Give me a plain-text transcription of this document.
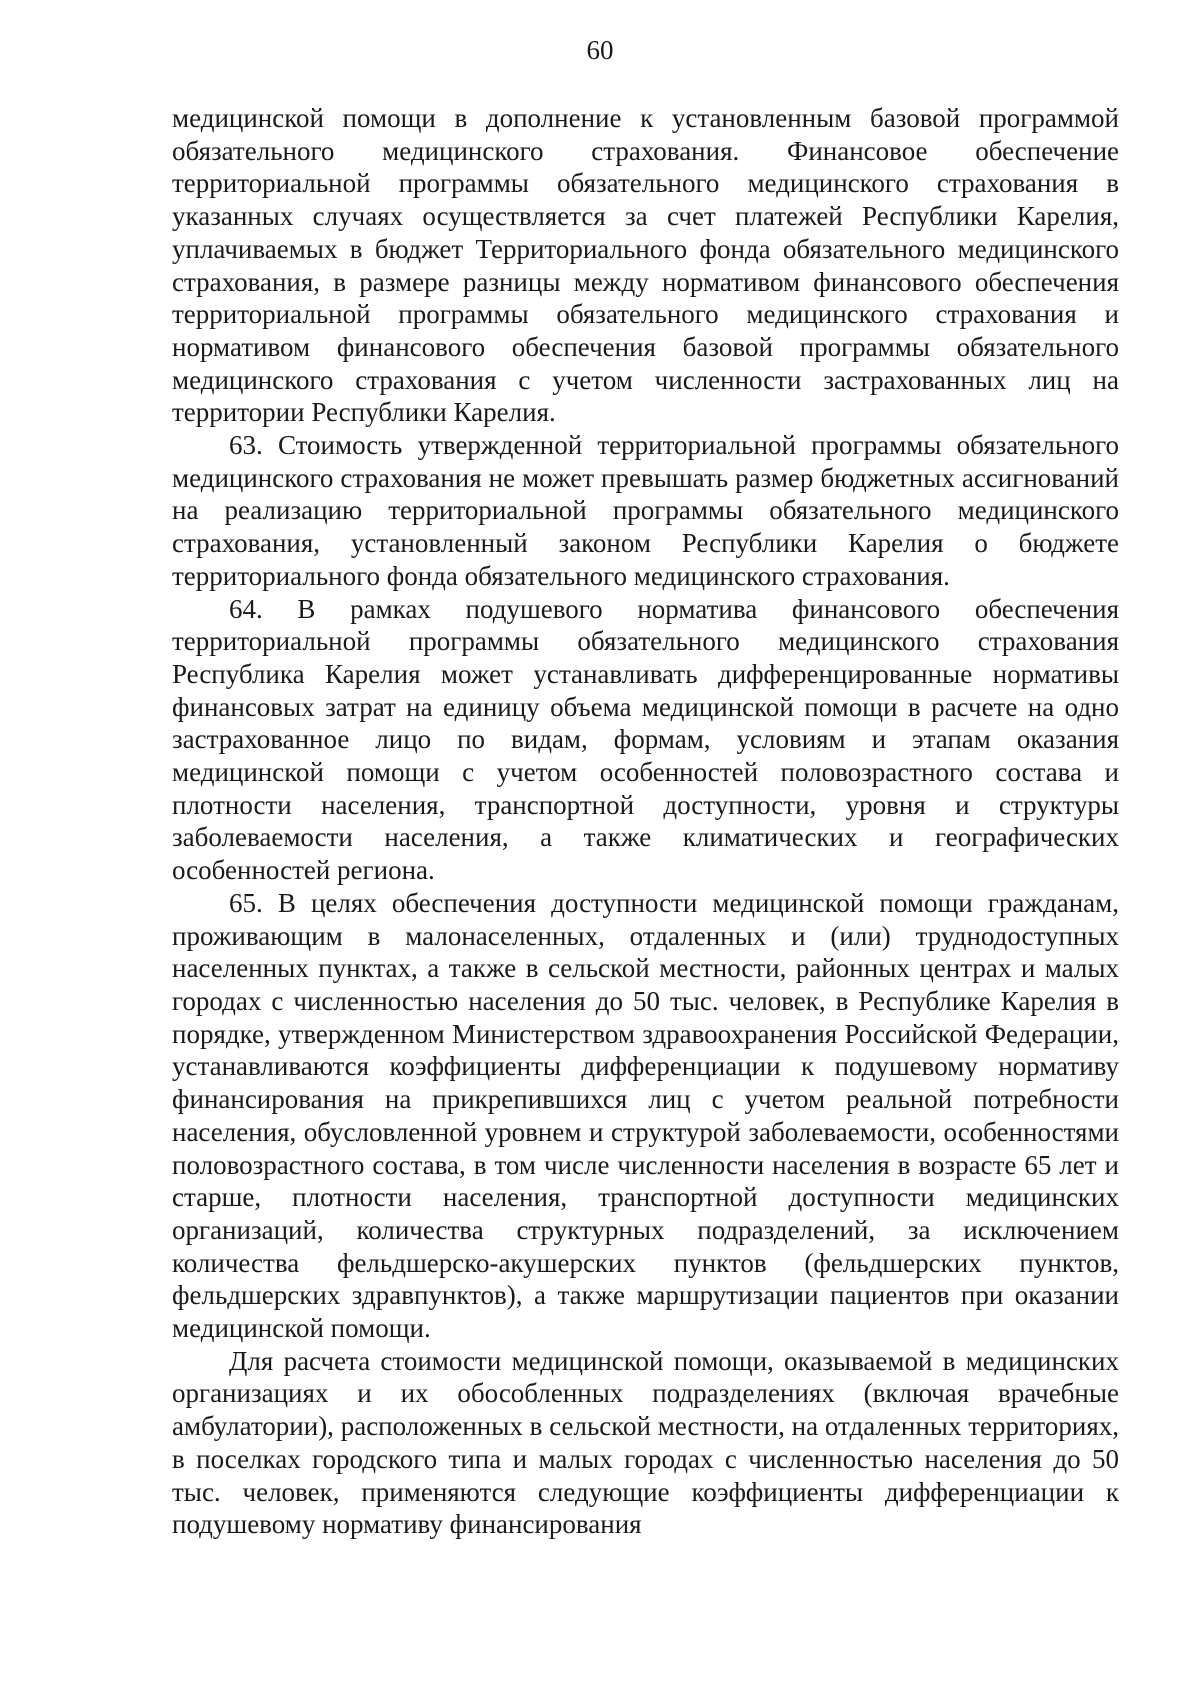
60

медицинской помощи в дополнение к установленным базовой программой обязательного медицинского страхования. Финансовое обеспечение территориальной программы обязательного медицинского страхования в указанных случаях осуществляется за счет платежей Республики Карелия, уплачиваемых в бюджет Территориального фонда обязательного медицинского страхования, в размере разницы между нормативом финансового обеспечения территориальной программы обязательного медицинского страхования и нормативом финансового обеспечения базовой программы обязательного медицинского страхования с учетом численности застрахованных лиц на территории Республики Карелия.

63. Стоимость утвержденной территориальной программы обязательного медицинского страхования не может превышать размер бюджетных ассигнований на реализацию территориальной программы обязательного медицинского страхования, установленный законом Республики Карелия о бюджете территориального фонда обязательного медицинского страхования.

64. В рамках подушевого норматива финансового обеспечения территориальной программы обязательного медицинского страхования Республика Карелия может устанавливать дифференцированные нормативы финансовых затрат на единицу объема медицинской помощи в расчете на одно застрахованное лицо по видам, формам, условиям и этапам оказания медицинской помощи с учетом особенностей половозрастного состава и плотности населения, транспортной доступности, уровня и структуры заболеваемости населения, а также климатических и географических особенностей региона.

65. В целях обеспечения доступности медицинской помощи гражданам, проживающим в малонаселенных, отдаленных и (или) труднодоступных населенных пунктах, а также в сельской местности, районных центрах и малых городах с численностью населения до 50 тыс. человек, в Республике Карелия в порядке, утвержденном Министерством здравоохранения Российской Федерации, устанавливаются коэффициенты дифференциации к подушевому нормативу финансирования на прикрепившихся лиц с учетом реальной потребности населения, обусловленной уровнем и структурой заболеваемости, особенностями половозрастного состава, в том числе численности населения в возрасте 65 лет и старше, плотности населения, транспортной доступности медицинских организаций, количества структурных подразделений, за исключением количества фельдшерско-акушерских пунктов (фельдшерских пунктов, фельдшерских здравпунктов), а также маршрутизации пациентов при оказании медицинской помощи.

Для расчета стоимости медицинской помощи, оказываемой в медицинских организациях и их обособленных подразделениях (включая врачебные амбулатории), расположенных в сельской местности, на отдаленных территориях, в поселках городского типа и малых городах с численностью населения до 50 тыс. человек, применяются следующие коэффициенты дифференциации к подушевому нормативу финансирования
